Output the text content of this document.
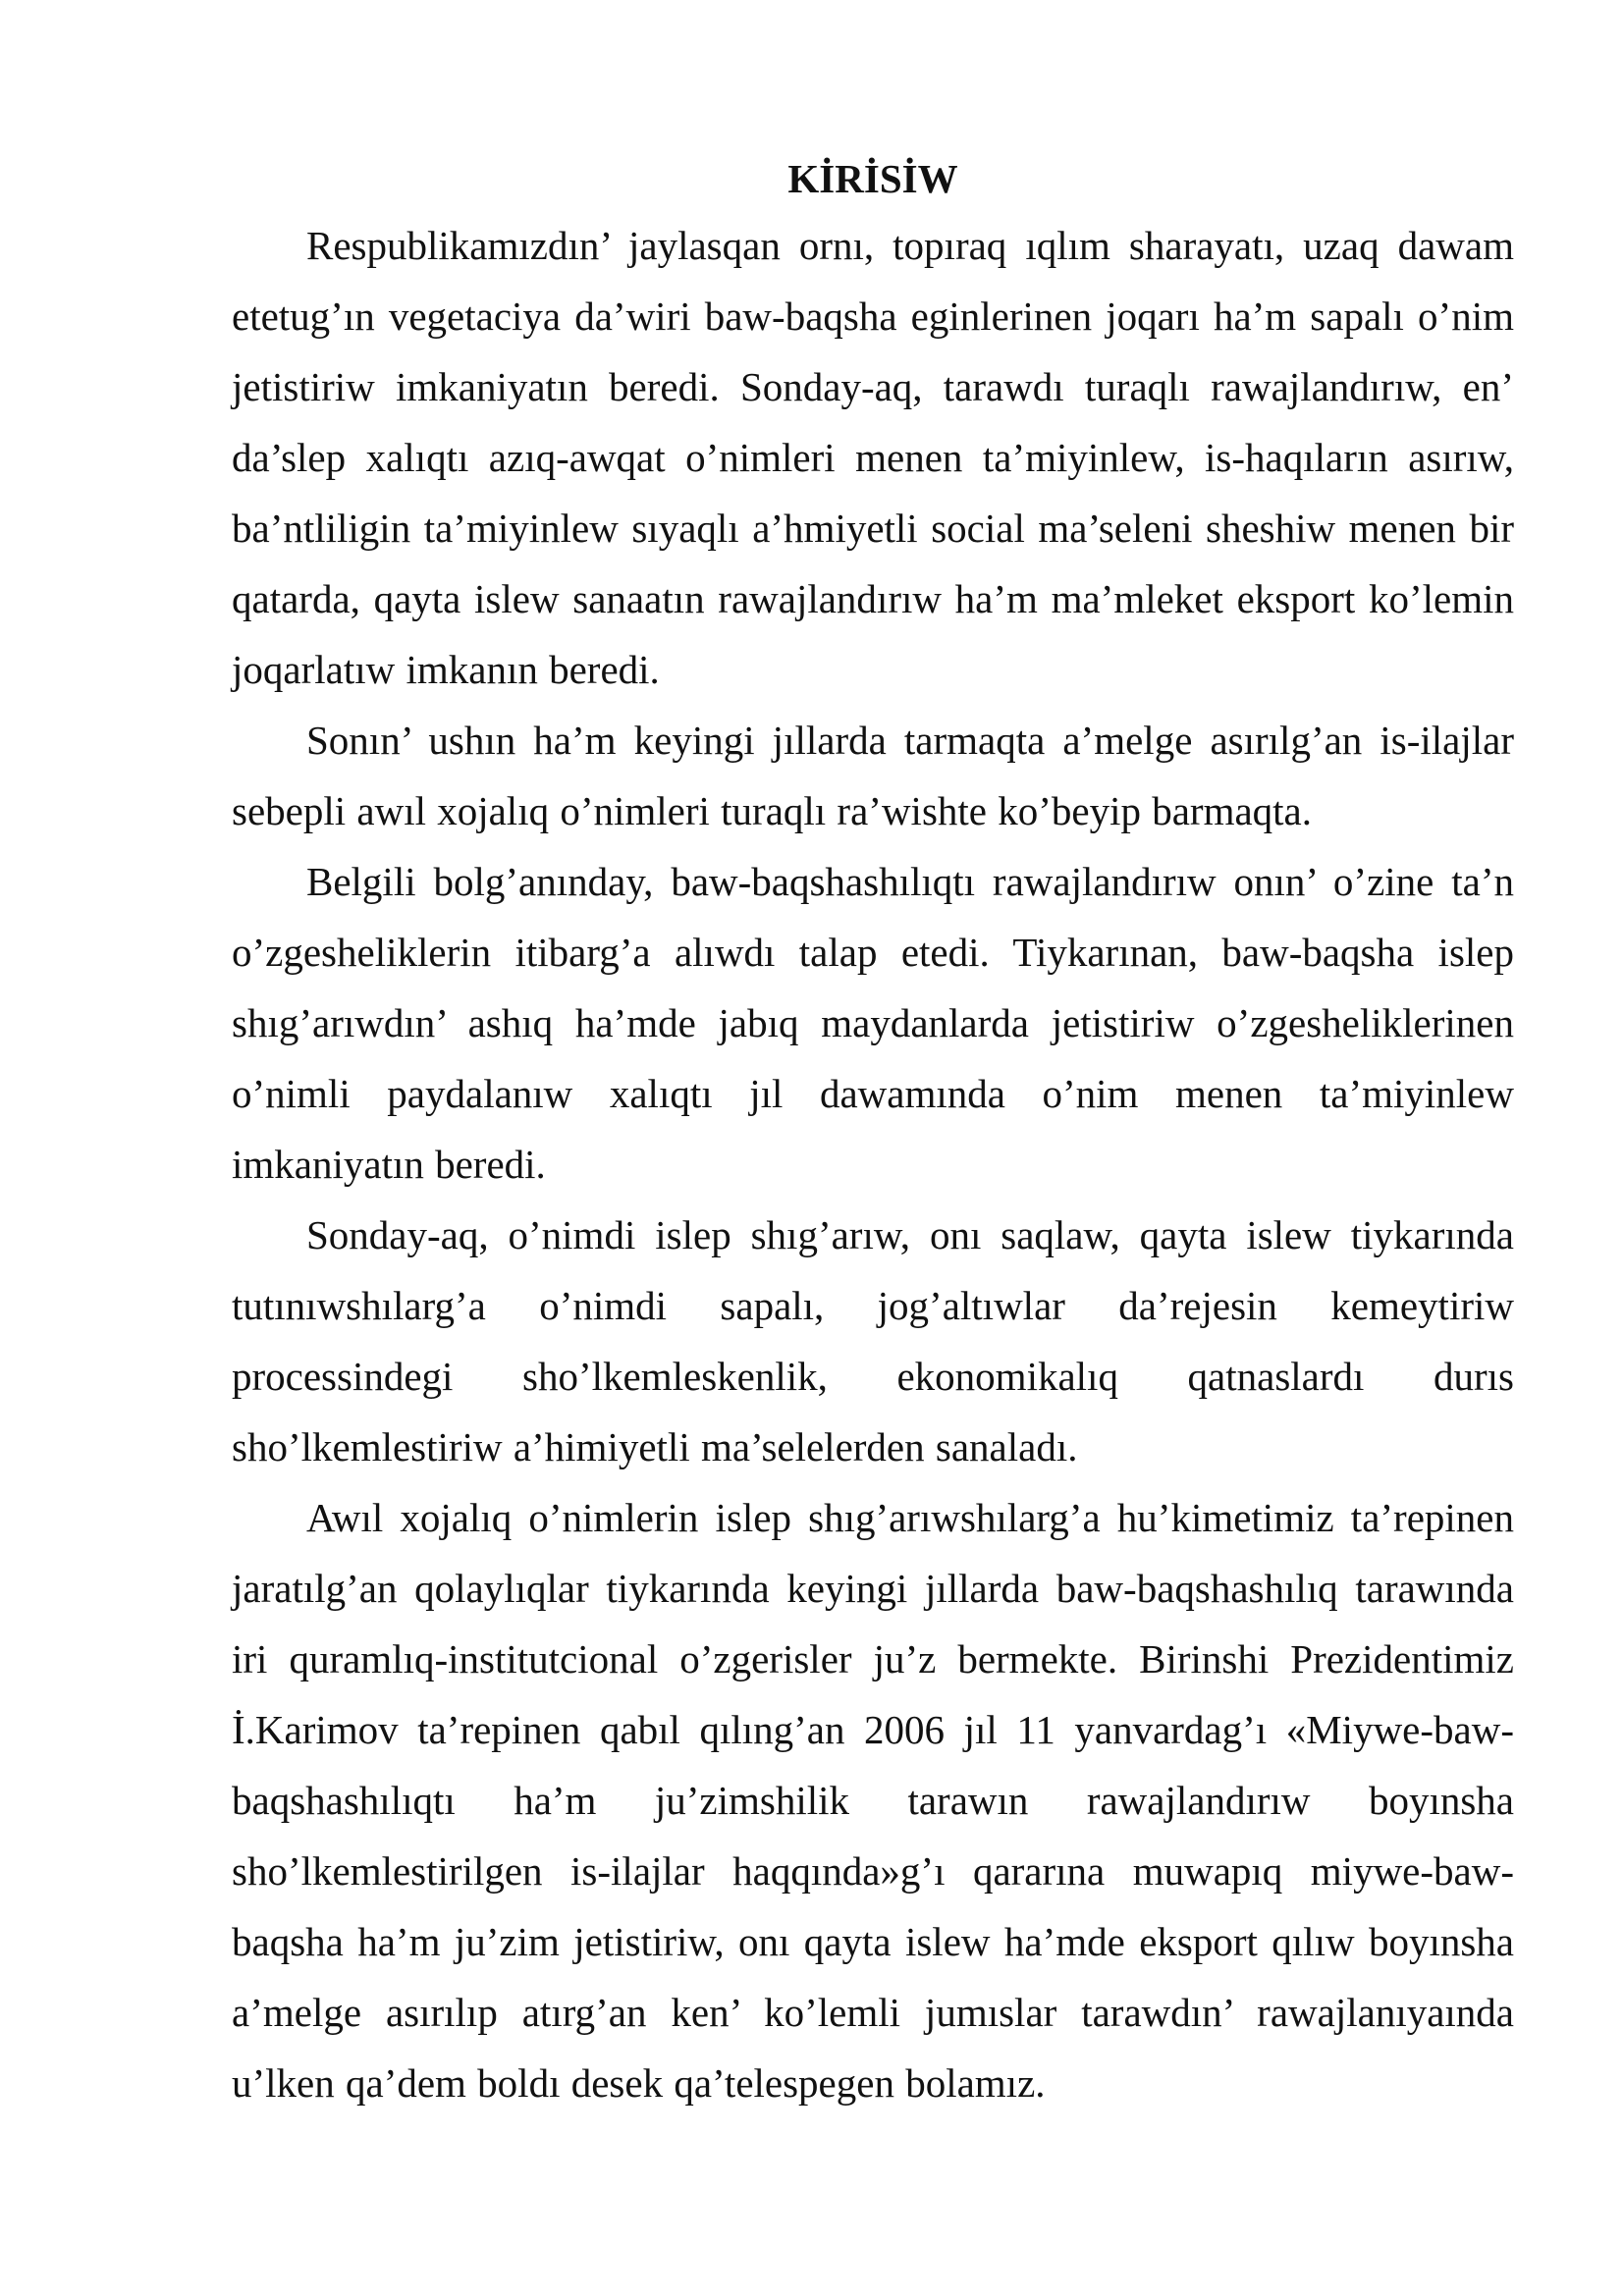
KİRİSİW

Respublikamızdın’ jaylasqan ornı, topıraq ıqlım sharayatı, uzaq dawam etetug’ın vegetaciya da’wiri baw-baqsha eginlerinen joqarı ha’m sapalı o’nim jetistiriw imkaniyatın beredi. Sonday-aq, tarawdı turaqlı rawajlandırıw, en’ da’slep xalıqtı azıq-awqat o’nimleri menen ta’miyinlew, is-haqıların asırıw, ba’ntliligin ta’miyinlew sıyaqlı a’hmiyetli social ma’seleni sheshiw menen bir qatarda, qayta islew sanaatın rawajlandırıw ha’m ma’mleket eksport ko’lemin joqarlatıw imkanın beredi.

Sonın’ ushın ha’m keyingi jıllarda tarmaqta a’melge asırılg’an is-ilajlar sebepli awıl xojalıq o’nimleri turaqlı ra’wishte ko’beyip barmaqta.

Belgili bolg’anınday, baw-baqshashılıqtı rawajlandırıw onın’ o’zine ta’n o’zgesheliklerin itibarg’a alıwdı talap etedi. Tiykarınan, baw-baqsha islep shıg’arıwdın’ ashıq ha’mde jabıq maydanlarda jetistiriw o’zgesheliklerinen o’nimli paydalanıw xalıqtı jıl dawamında o’nim menen ta’miyinlew imkaniyatın beredi.

Sonday-aq, o’nimdi islep shıg’arıw, onı saqlaw, qayta islew tiykarında tutınıwshılarg’a o’nimdi sapalı, jog’altıwlar da’rejesin kemeytiriw processindegi sho’lkemleskenlik, ekonomikalıq qatnaslardı durıs sho’lkemlestiriw a’himiyetli ma’selelerden sanaladı.

Awıl xojalıq o’nimlerin islep shıg’arıwshılarg’a hu’kimetimiz ta’repinen jaratılg’an qolaylıqlar tiykarında keyingi jıllarda baw-baqshashılıq tarawında iri quramlıq-institutcional o’zgerisler ju’z bermekte. Birinshi Prezidentimiz İ.Karimov ta’repinen qabıl qılıng’an 2006 jıl 11 yanvardag’ı «Miywe-baw-baqshashılıqtı ha’m ju’zimshilik tarawın rawajlandırıw boyınsha sho’lkemlestirilgen is-ilajlar haqqında»g’ı qararına muwapıq miywe-baw-baqsha ha’m ju’zim jetistiriw, onı qayta islew ha’mde eksport qılıw boyınsha a’melge asırılıp atırg’an ken’ ko’lemli jumıslar tarawdın’ rawajlanıyaında u’lken qa’dem boldı desek qa’telespegen bolamız.
